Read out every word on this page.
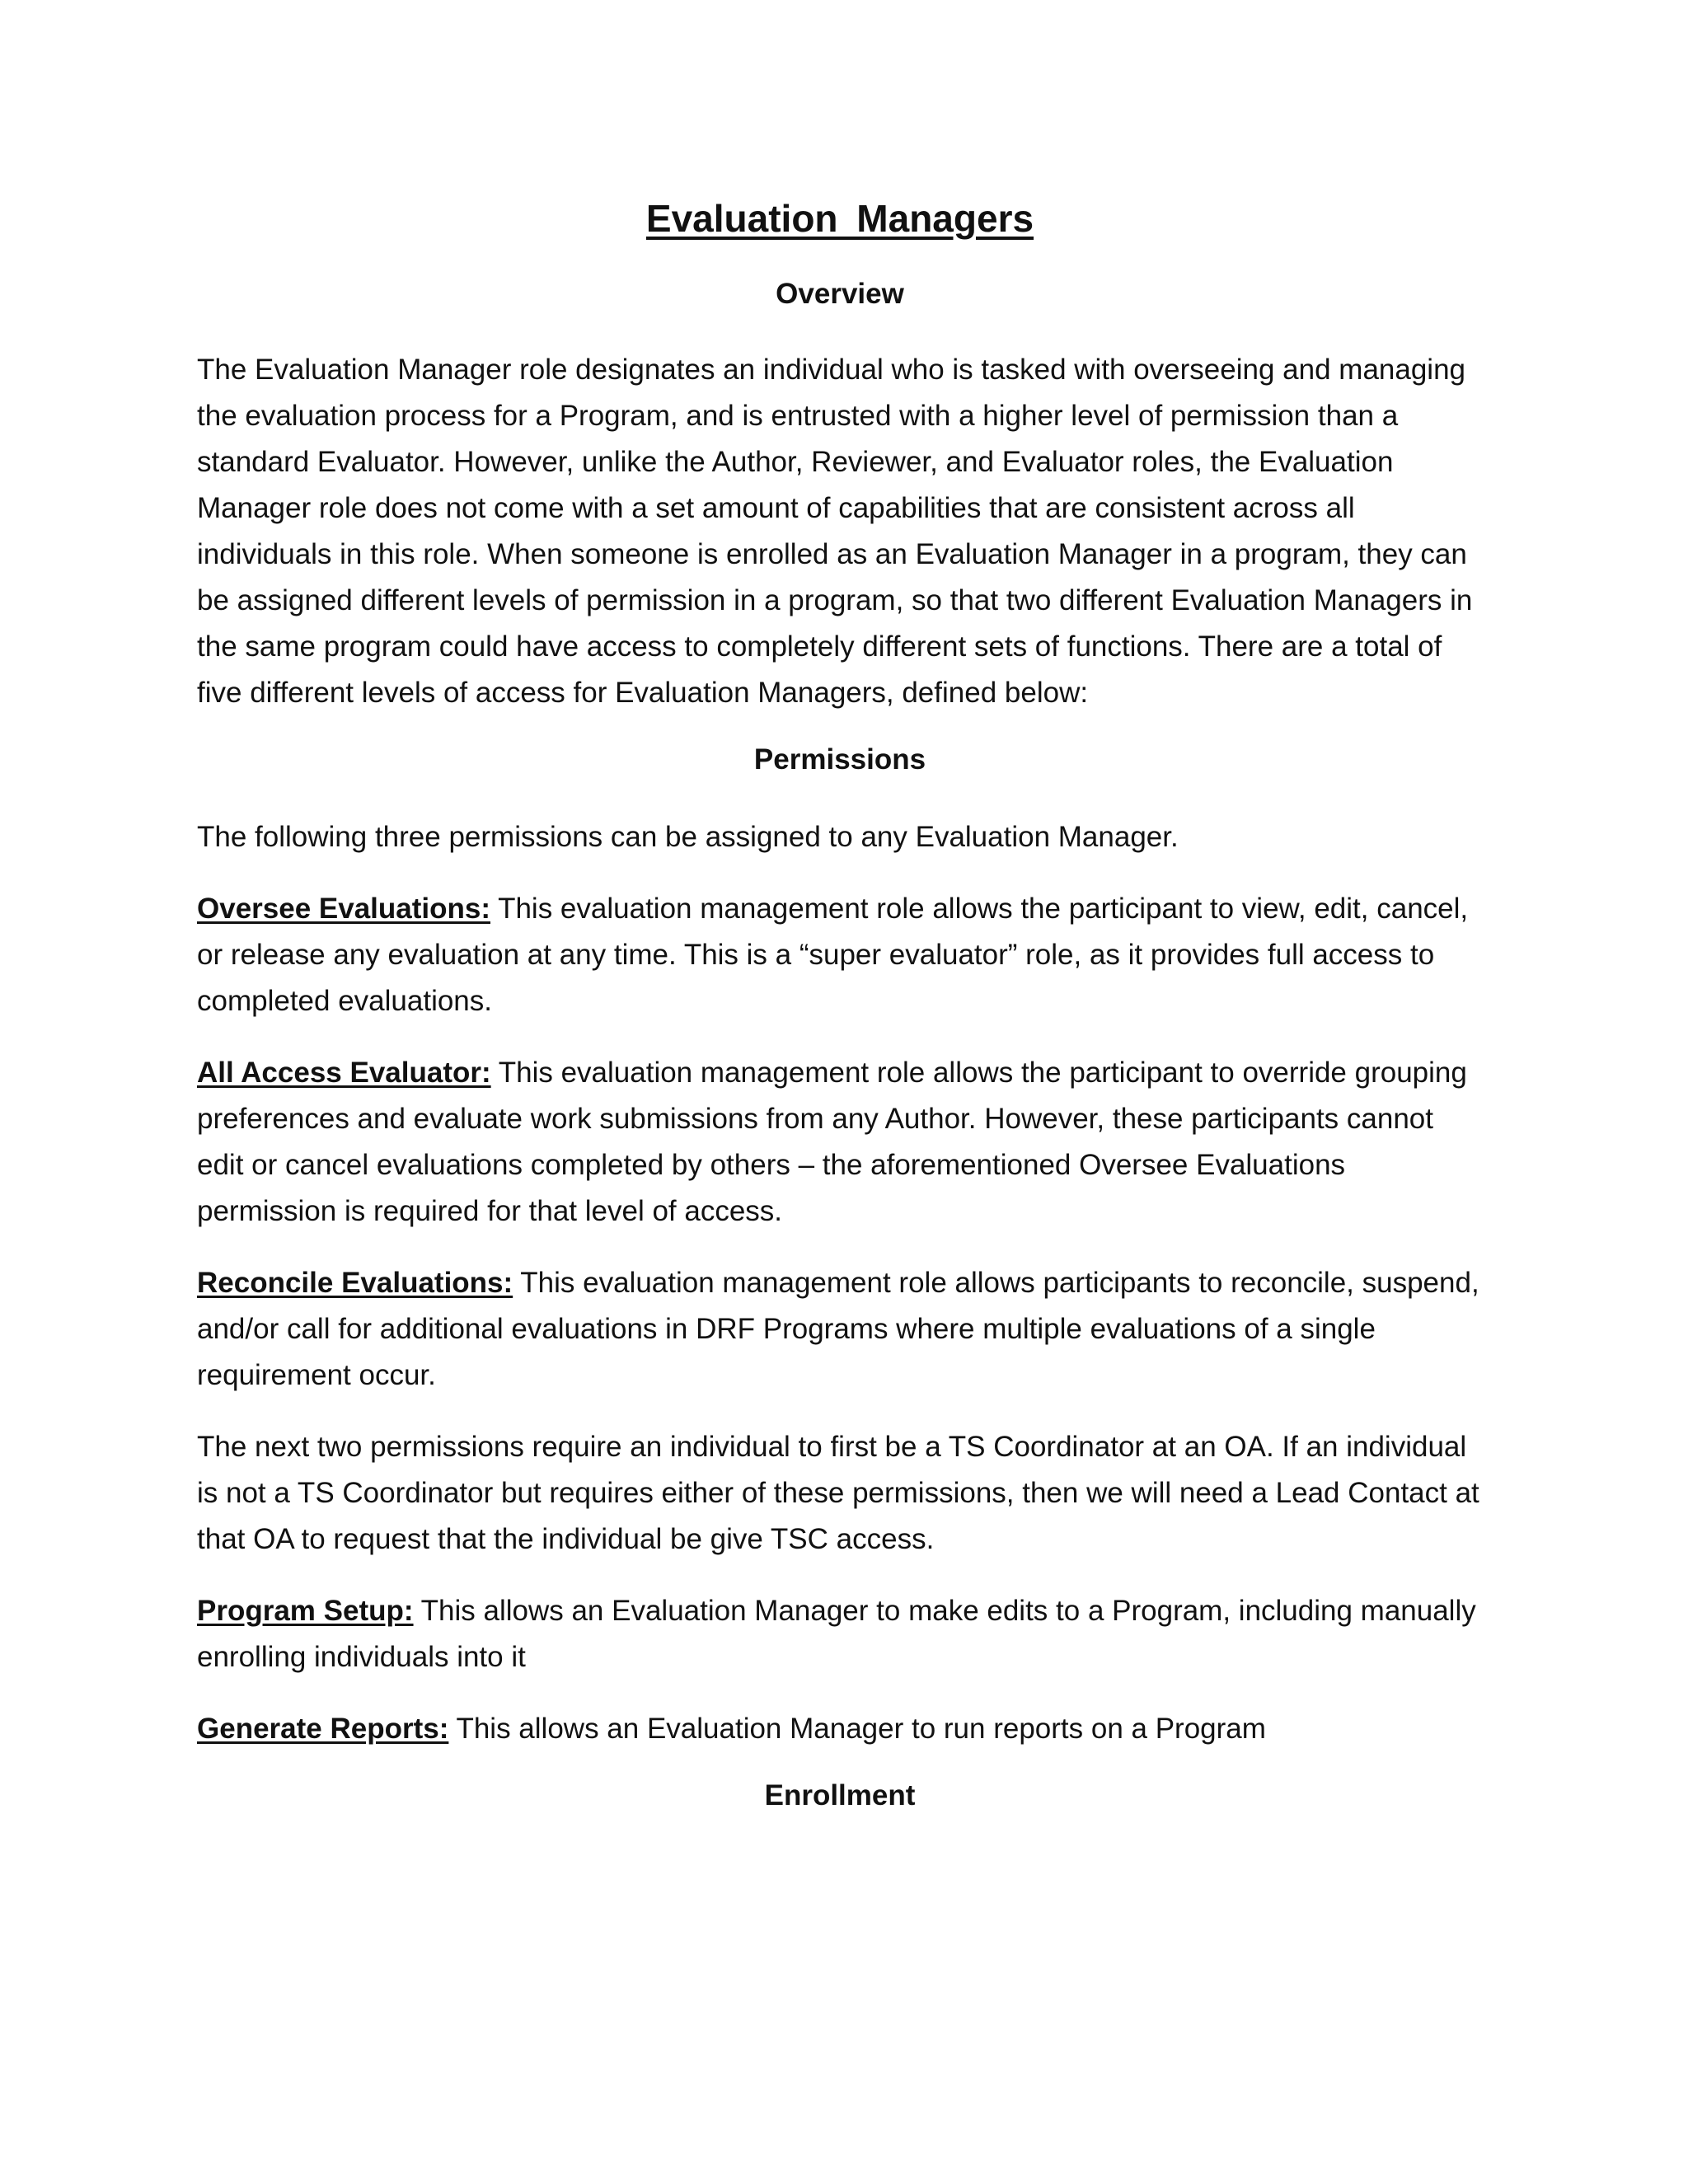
Evaluation Managers
Overview

The Evaluation Manager role designates an individual who is tasked with overseeing and managing the evaluation process for a Program, and is entrusted with a higher level of permission than a standard Evaluator. However, unlike the Author, Reviewer, and Evaluator roles, the Evaluation Manager role does not come with a set amount of capabilities that are consistent across all individuals in this role. When someone is enrolled as an Evaluation Manager in a program, they can be assigned different levels of permission in a program, so that two different Evaluation Managers in the same program could have access to completely different sets of functions. There are a total of five different levels of access for Evaluation Managers, defined below:

Permissions

The following three permissions can be assigned to any Evaluation Manager.

Oversee Evaluations: This evaluation management role allows the participant to view, edit, cancel, or release any evaluation at any time. This is a “super evaluator” role, as it provides full access to completed evaluations.

All Access Evaluator: This evaluation management role allows the participant to override grouping preferences and evaluate work submissions from any Author. However, these participants cannot edit or cancel evaluations completed by others – the aforementioned Oversee Evaluations permission is required for that level of access.

Reconcile Evaluations: This evaluation management role allows participants to reconcile, suspend, and/or call for additional evaluations in DRF Programs where multiple evaluations of a single requirement occur.

The next two permissions require an individual to first be a TS Coordinator at an OA. If an individual is not a TS Coordinator but requires either of these permissions, then we will need a Lead Contact at that OA to request that the individual be give TSC access.

Program Setup: This allows an Evaluation Manager to make edits to a Program, including manually enrolling individuals into it

Generate Reports: This allows an Evaluation Manager to run reports on a Program

Enrollment
